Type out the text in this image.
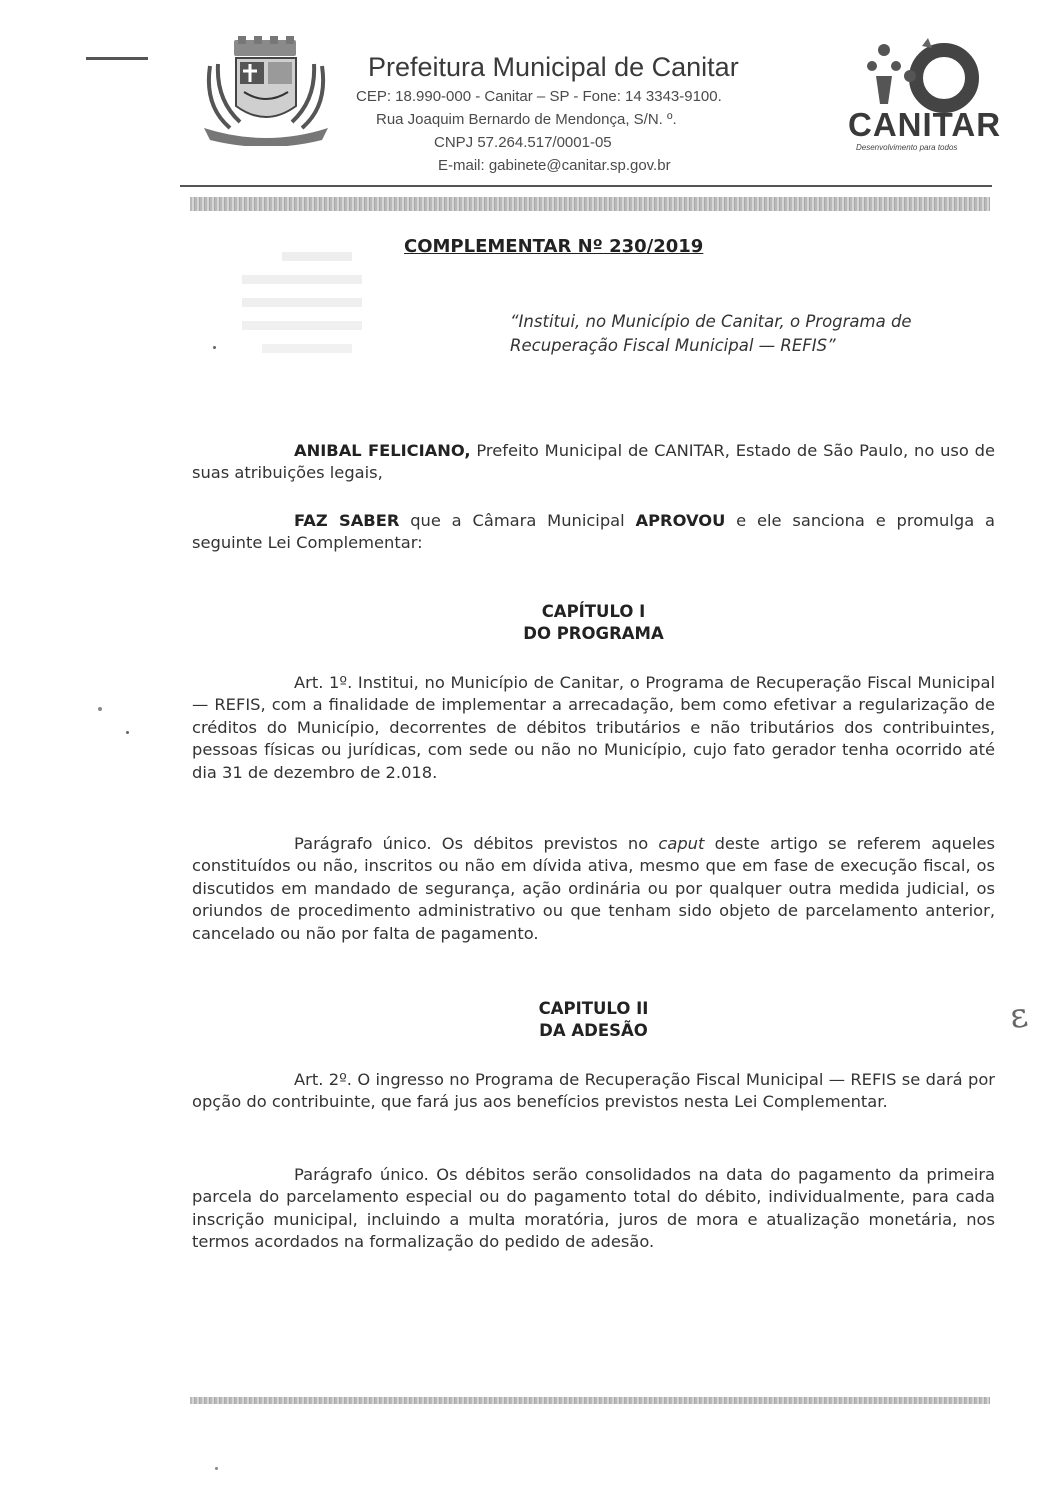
ε
Prefeitura Municipal de Canitar
CEP: 18.990-000 - Canitar – SP - Fone: 14 3343-9100.
Rua Joaquim Bernardo de Mendonça, S/N. º.
CNPJ 57.264.517/0001-05
E-mail: gabinete@canitar.sp.gov.br
CANITAR
Desenvolvimento para todos
COMPLEMENTAR Nº 230/2019
“Institui, no Município de Canitar, o Programa de
Recuperação Fiscal Municipal — REFIS”
ANIBAL FELICIANO, Prefeito Municipal de CANITAR, Estado de São Paulo, no uso de suas atribuições legais,
FAZ SABER que a Câmara Municipal APROVOU e ele sanciona e promulga a seguinte Lei Complementar:
CAPÍTULO I
DO PROGRAMA
Art. 1º. Institui, no Município de Canitar, o Programa de Recuperação Fiscal Municipal — REFIS, com a finalidade de implementar a arrecadação, bem como efetivar a regularização de créditos do Município, decorrentes de débitos tributários e não tributários dos contribuintes, pessoas físicas ou jurídicas, com sede ou não no Município, cujo fato gerador tenha ocorrido até dia 31 de dezembro de 2.018.
Parágrafo único. Os débitos previstos no caput deste artigo se referem aqueles constituídos ou não, inscritos ou não em dívida ativa, mesmo que em fase de execução fiscal, os discutidos em mandado de segurança, ação ordinária ou por qualquer outra medida judicial, os oriundos de procedimento administrativo ou que tenham sido objeto de parcelamento anterior, cancelado ou não por falta de pagamento.
CAPITULO II
DA ADESÃO
Art. 2º. O ingresso no Programa de Recuperação Fiscal Municipal — REFIS se dará por opção do contribuinte, que fará jus aos benefícios previstos nesta Lei Complementar.
Parágrafo único. Os débitos serão consolidados na data do pagamento da primeira parcela do parcelamento especial ou do pagamento total do débito, individualmente, para cada inscrição municipal, incluindo a multa moratória, juros de mora e atualização monetária, nos termos acordados na formalização do pedido de adesão.
